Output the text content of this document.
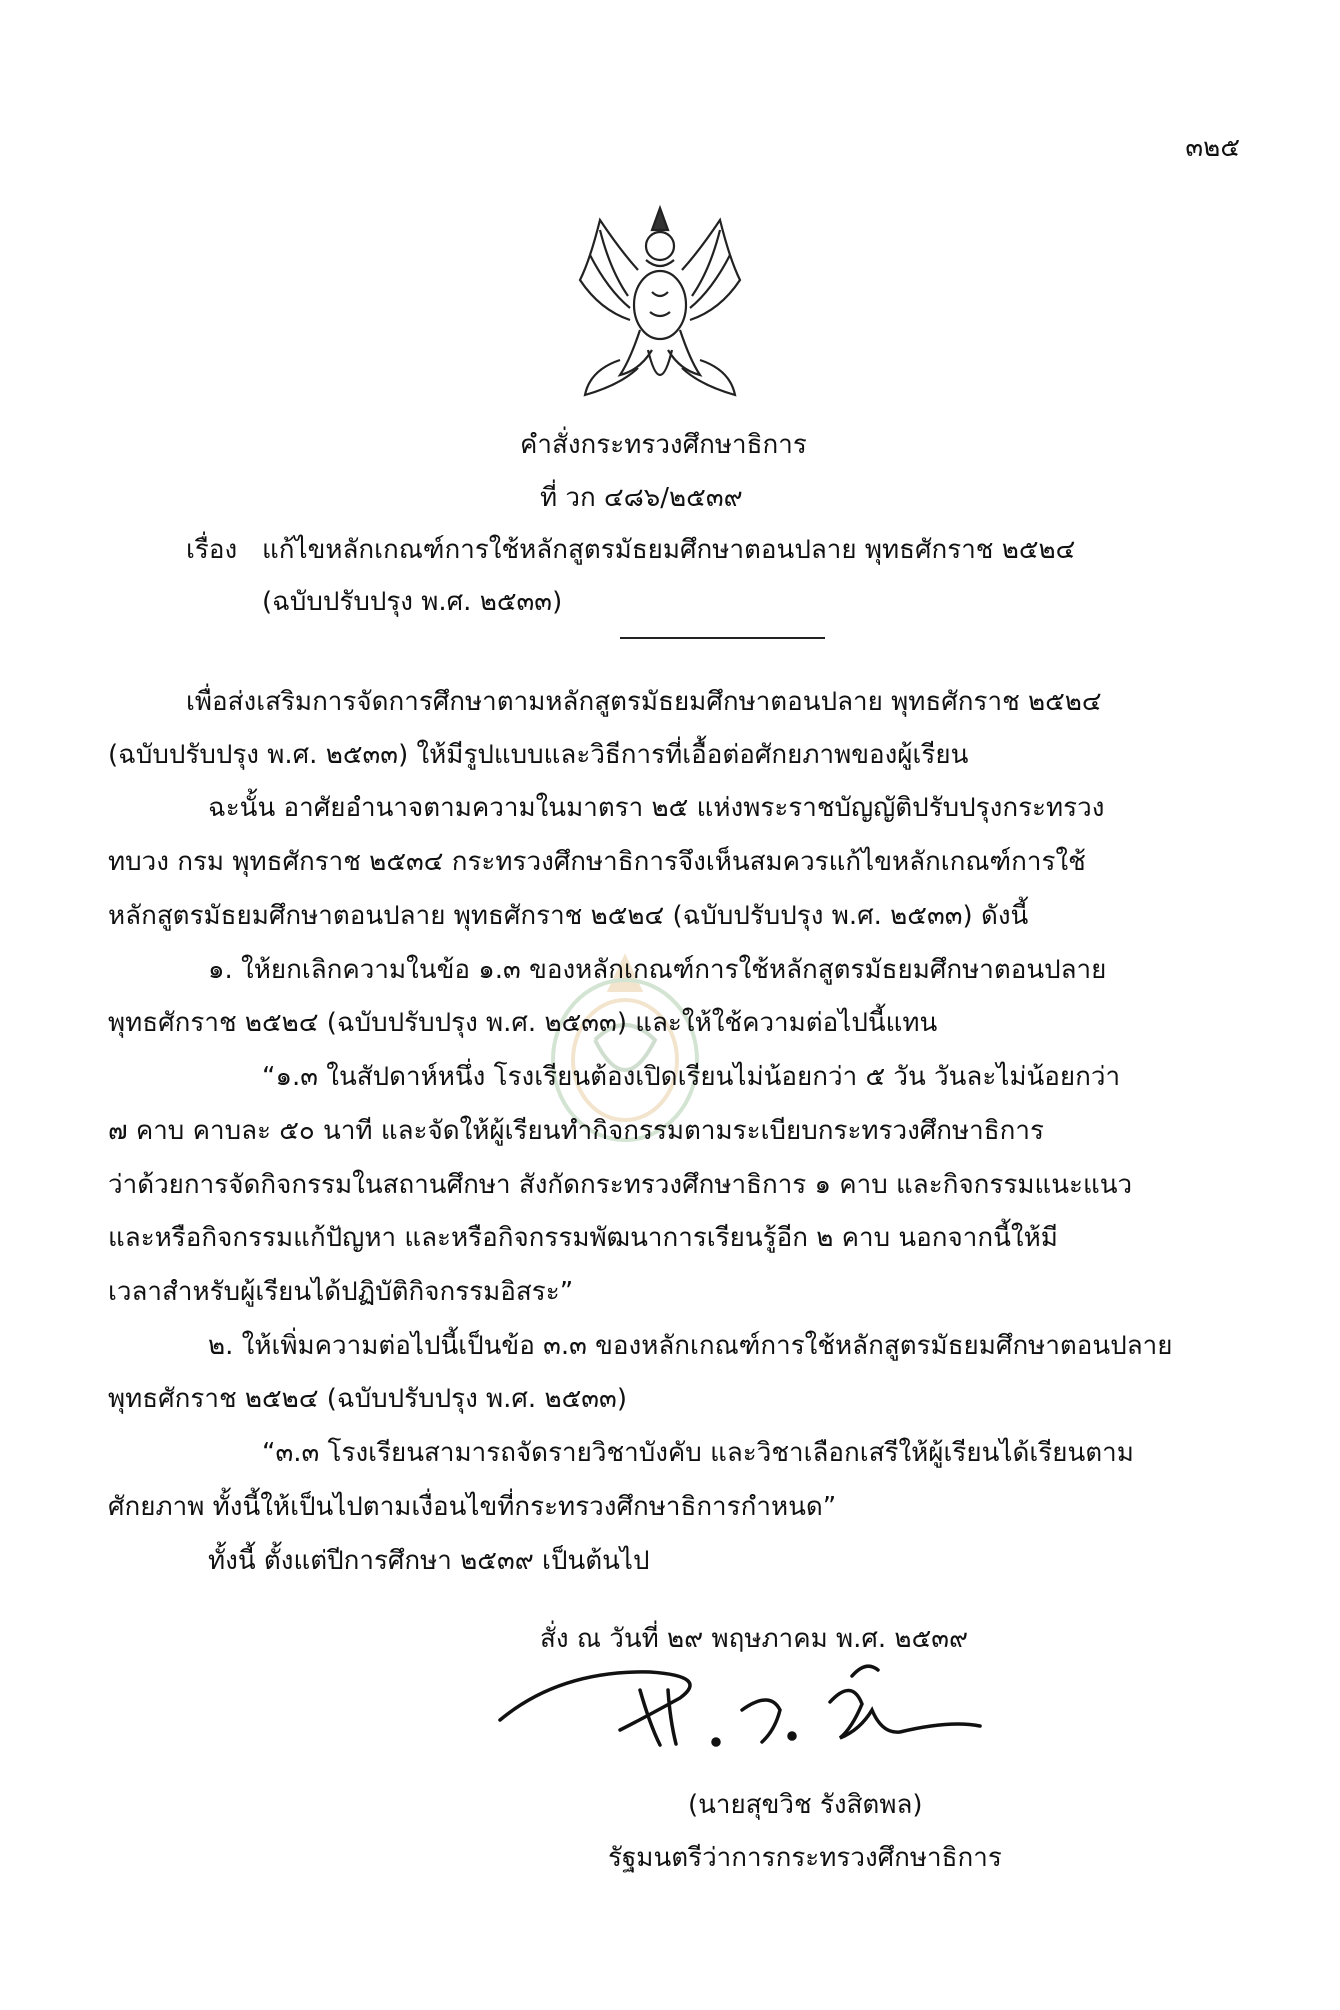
๓๒๕
คำสั่งกระทรวงศึกษาธิการ
ที่ วก ๔๘๖/๒๕๓๙
เรื่อง แก้ไขหลักเกณฑ์การใช้หลักสูตรมัธยมศึกษาตอนปลาย พุทธศักราช ๒๕๒๔
(ฉบับปรับปรุง พ.ศ. ๒๕๓๓)
เพื่อส่งเสริมการจัดการศึกษาตามหลักสูตรมัธยมศึกษาตอนปลาย พุทธศักราช ๒๕๒๔
(ฉบับปรับปรุง พ.ศ. ๒๕๓๓) ให้มีรูปแบบและวิธีการที่เอื้อต่อศักยภาพของผู้เรียน
ฉะนั้น อาศัยอำนาจตามความในมาตรา ๒๕ แห่งพระราชบัญญัติปรับปรุงกระทรวง
ทบวง กรม พุทธศักราช ๒๕๓๔ กระทรวงศึกษาธิการจึงเห็นสมควรแก้ไขหลักเกณฑ์การใช้
หลักสูตรมัธยมศึกษาตอนปลาย พุทธศักราช ๒๕๒๔ (ฉบับปรับปรุง พ.ศ. ๒๕๓๓) ดังนี้
๑. ให้ยกเลิกความในข้อ ๑.๓ ของหลักเกณฑ์การใช้หลักสูตรมัธยมศึกษาตอนปลาย
พุทธศักราช ๒๕๒๔ (ฉบับปรับปรุง พ.ศ. ๒๕๓๓) และให้ใช้ความต่อไปนี้แทน
“๑.๓ ในสัปดาห์หนึ่ง โรงเรียนต้องเปิดเรียนไม่น้อยกว่า ๕ วัน วันละไม่น้อยกว่า
๗ คาบ คาบละ ๕๐ นาที และจัดให้ผู้เรียนทำกิจกรรมตามระเบียบกระทรวงศึกษาธิการ
ว่าด้วยการจัดกิจกรรมในสถานศึกษา สังกัดกระทรวงศึกษาธิการ ๑ คาบ และกิจกรรมแนะแนว
และหรือกิจกรรมแก้ปัญหา และหรือกิจกรรมพัฒนาการเรียนรู้อีก ๒ คาบ นอกจากนี้ให้มี
เวลาสำหรับผู้เรียนได้ปฏิบัติกิจกรรมอิสระ”
๒. ให้เพิ่มความต่อไปนี้เป็นข้อ ๓.๓ ของหลักเกณฑ์การใช้หลักสูตรมัธยมศึกษาตอนปลาย
พุทธศักราช ๒๕๒๔ (ฉบับปรับปรุง พ.ศ. ๒๕๓๓)
“๓.๓ โรงเรียนสามารถจัดรายวิชาบังคับ และวิชาเลือกเสรีให้ผู้เรียนได้เรียนตาม
ศักยภาพ ทั้งนี้ให้เป็นไปตามเงื่อนไขที่กระทรวงศึกษาธิการกำหนด”
ทั้งนี้ ตั้งแต่ปีการศึกษา ๒๕๓๙ เป็นต้นไป
สั่ง ณ วันที่ ๒๙ พฤษภาคม พ.ศ. ๒๕๓๙
(นายสุขวิช รังสิตพล)
รัฐมนตรีว่าการกระทรวงศึกษาธิการ
